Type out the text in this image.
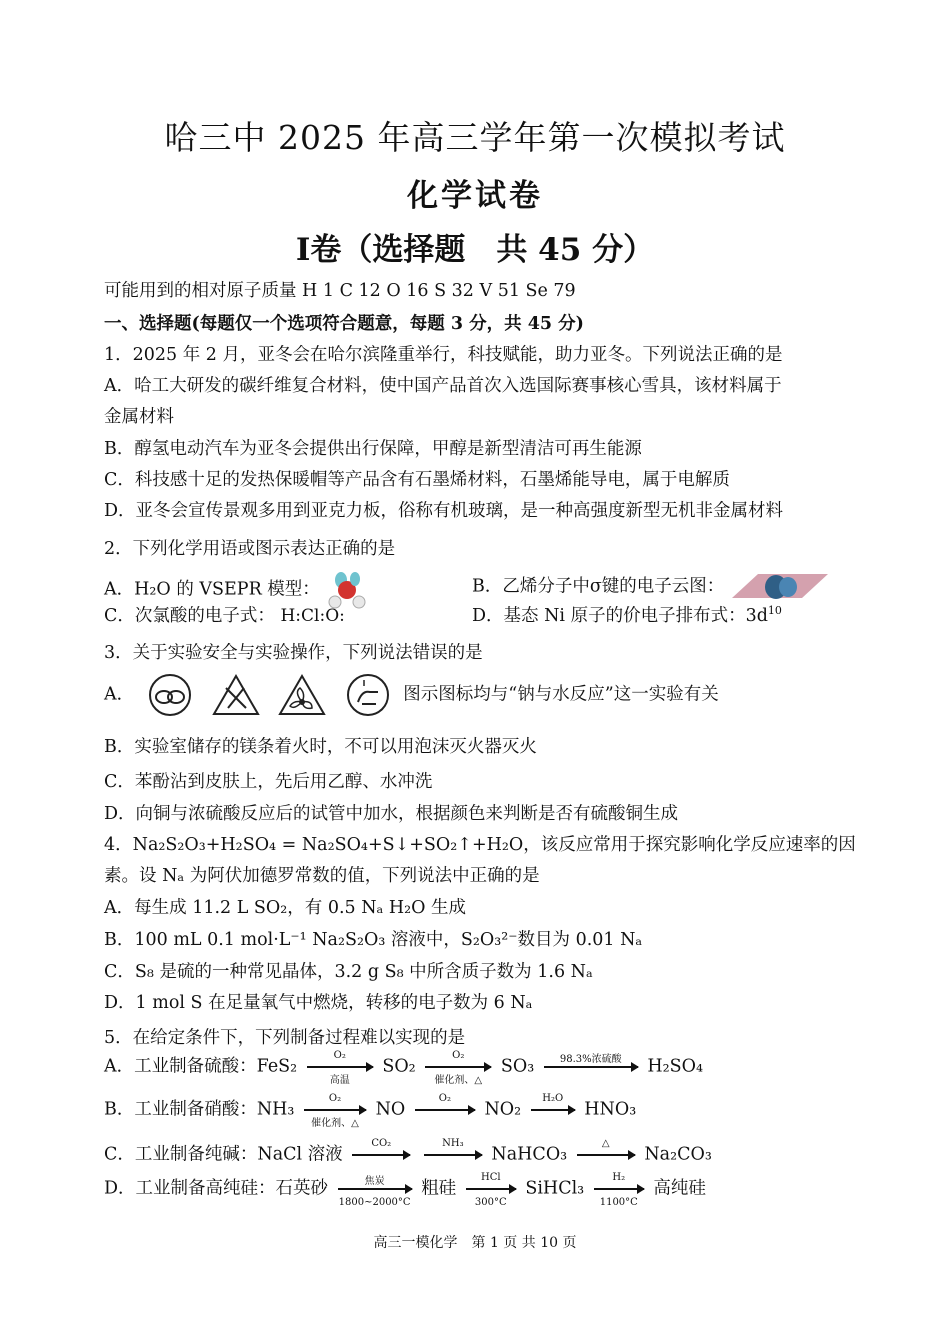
哈三中 2025 年高三学年第一次模拟考试
化学试卷
I卷（选择题　共 45 分）
可能用到的相对原子质量 H 1 C 12 O 16 S 32 V 51 Se 79
一、选择题(每题仅一个选项符合题意，每题 3 分，共 45 分)
1．2025 年 2 月，亚冬会在哈尔滨隆重举行，科技赋能，助力亚冬。下列说法正确的是
A．哈工大研发的碳纤维复合材料，使中国产品首次入选国际赛事核心雪具，该材料属于
金属材料
B．醇氢电动汽车为亚冬会提供出行保障，甲醇是新型清洁可再生能源
C．科技感十足的发热保暖帽等产品含有石墨烯材料，石墨烯能导电，属于电解质
D．亚冬会宣传景观多用到亚克力板，俗称有机玻璃，是一种高强度新型无机非金属材料
2．下列化学用语或图示表达正确的是
A．H₂O 的 VSEPR 模型：	B．乙烯分子中σ键的电子云图：
C．次氯酸的电子式： H:Cl:O:	D．基态 Ni 原子的价电子排布式：$3d^{10}$
3．关于实验安全与实验操作，下列说法错误的是
A．	图示图标均与“钠与水反应”这一实验有关
B．实验室储存的镁条着火时，不可以用泡沫灭火器灭火
C．苯酚沾到皮肤上，先后用乙醇、水冲洗
D．向铜与浓硫酸反应后的试管中加水，根据颜色来判断是否有硫酸铜生成
4．Na₂S₂O₃+H₂SO₄ = Na₂SO₄+S↓+SO₂↑+H₂O，该反应常用于探究影响化学反应速率的因
素。设 Nₐ 为阿伏加德罗常数的值，下列说法中正确的是
A．每生成 11.2 L SO₂，有 0.5 Nₐ H₂O 生成
B．100 mL 0.1 mol·L⁻¹ Na₂S₂O₃ 溶液中，S₂O₃²⁻数目为 0.01 Nₐ
C．S₈ 是硫的一种常见晶体，3.2 g S₈ 中所含质子数为 1.6 Nₐ
D．1 mol S 在足量氧气中燃烧，转移的电子数为 6 Nₐ
5．在给定条件下，下列制备过程难以实现的是
A．工业制备硫酸：FeS₂
O₂
高温
SO₂
O₂
催化剂、△
SO₃	98.3%浓硫酸	H₂SO₄
B．工业制备硝酸：NH₃
O₂
催化剂、△
NO
O₂
NO₂
H₂O
HNO₃
C．工业制备纯碱：NaCl 溶液
CO₂
	NH₃
NaHCO₃
△
Na₂CO₃
D．工业制备高纯硅：石英砂	焦炭
1800~2000°C
粗硅
HCl
300°C
SiHCl₃ $\frac{\text{H₂}}{1100^\circ C}$ 高纯硅
高三一模化学　第 1 页 共 10 页
